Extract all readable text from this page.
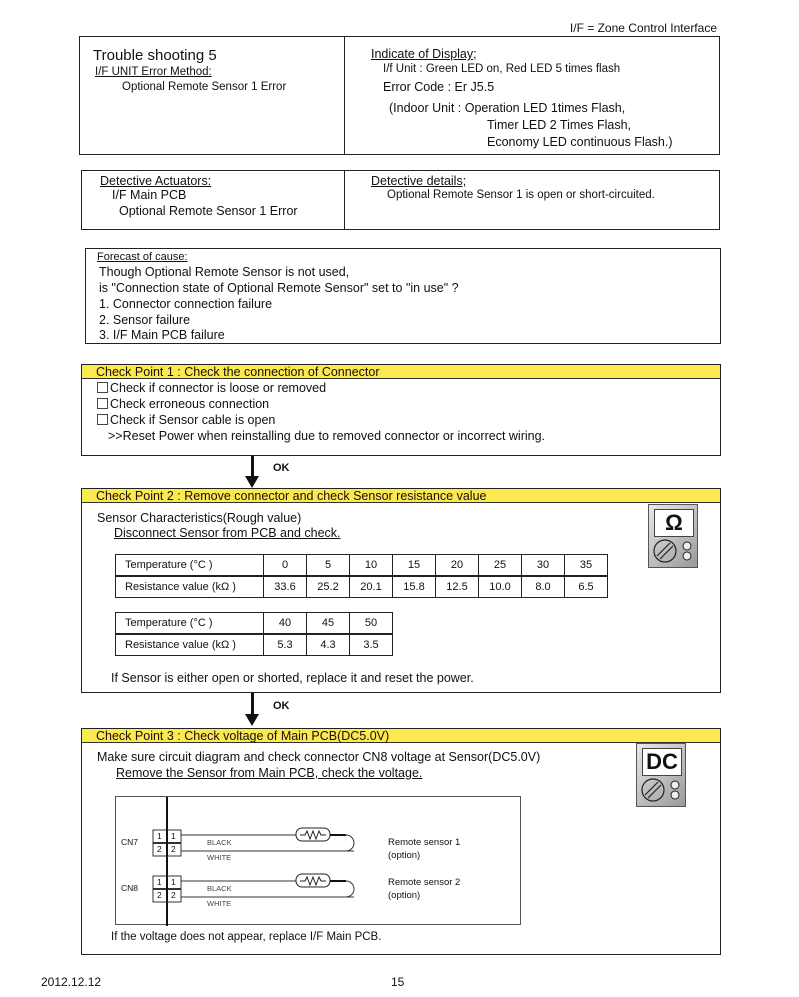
I/F = Zone Control Interface
Trouble shooting 5
I/F UNIT Error Method:
Optional Remote Sensor 1 Error
Indicate of Display;
I/f Unit : Green LED on, Red LED 5 times flash
Error Code : Er J5.5
(Indoor Unit : Operation LED 1times Flash,
Timer LED 2 Times Flash,
Economy LED continuous Flash.)
Detective Actuators:
I/F Main PCB
Optional Remote Sensor 1 Error
Detective details;
Optional Remote Sensor 1 is open or short-circuited.
Forecast of cause:
Though Optional Remote Sensor is not used,
is "Connection state of Optional Remote Sensor" set to "in use" ?
1. Connector connection failure
2. Sensor failure
3. I/F Main PCB failure
Check Point 1 : Check the connection of Connector
Check if connector is loose or removed
Check erroneous connection
Check if Sensor cable is open
>>Reset Power when reinstalling due to removed connector or incorrect wiring.
OK
Check Point 2 : Remove connector and check Sensor resistance value
Sensor Characteristics(Rough value)
Disconnect Sensor from PCB and check.
Temperature (°C )	0	5	10	15	20	25	30	35
Resistance value (kΩ )	33.6	25.2	20.1	15.8	12.5	10.0	8.0	6.5
Temperature (°C )	40	45	50
Resistance value (kΩ )	5.3	4.3	3.5
If Sensor is either open or shorted, replace it and reset the power.
Ω
OK
Check Point 3 : Check voltage of Main PCB(DC5.0V)
Make sure circuit diagram and check connector CN8 voltage at Sensor(DC5.0V)
Remove the Sensor from Main PCB, check the voltage.	DC
CN7
1 1
2 2
BLACK
WHITE
Remote sensor 1
(option)
CN8
1 1
2 2
BLACK
WHITE
Remote sensor 2
(option)
If the voltage does not appear, replace I/F Main PCB.
2012.12.12	15
